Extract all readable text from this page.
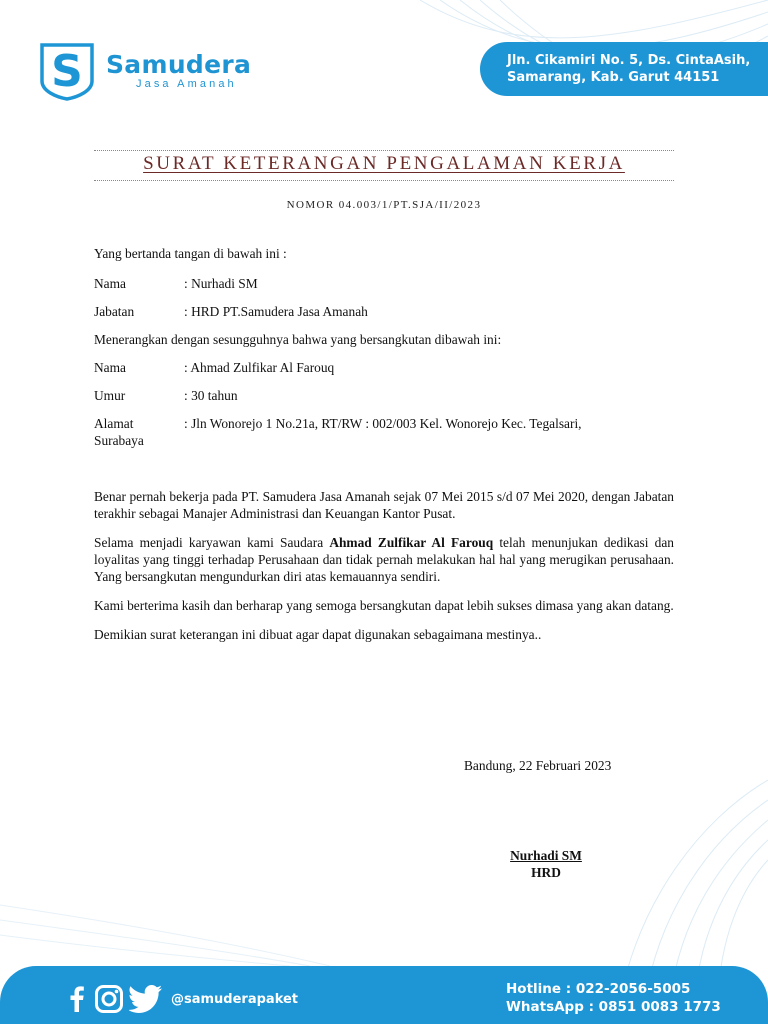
S Samudera
Jasa Amanah
Jln. Cikamiri No. 5, Ds. CintaAsih,
Samarang, Kab. Garut 44151
SURAT KETERANGAN PENGALAMAN KERJA
NOMOR 04.003/1/PT.SJA/II/2023

Yang bertanda tangan di bawah ini :

Nama	: Nurhadi SM
Jabatan	: HRD PT.Samudera Jasa Amanah

Menerangkan dengan sesungguhnya bahwa yang bersangkutan dibawah ini:

Nama	: Ahmad Zulfikar Al Farouq
Umur	: 30 tahun
Alamat	: Jln Wonorejo 1 No.21a, RT/RW : 002/003 Kel. Wonorejo Kec. Tegalsari,
Surabaya

Benar pernah bekerja pada PT. Samudera Jasa Amanah sejak 07 Mei 2015 s/d 07 Mei 2020, dengan Jabatan terakhir sebagai Manajer Administrasi dan Keuangan Kantor Pusat.

Selama menjadi karyawan kami Saudara Ahmad Zulfikar Al Farouq telah menunjukan dedikasi dan loyalitas yang tinggi terhadap Perusahaan dan tidak pernah melakukan hal hal yang merugikan perusahaan. Yang bersangkutan mengundurkan diri atas kemauannya sendiri.

Kami berterima kasih dan berharap yang semoga bersangkutan dapat lebih sukses dimasa yang akan datang.

Demikian surat keterangan ini dibuat agar dapat digunakan sebagaimana mestinya..

Bandung, 22 Februari 2023
Nurhadi SM
HRD
@samuderapaket
Hotline : 022-2056-5005
WhatsApp : 0851 0083 1773
